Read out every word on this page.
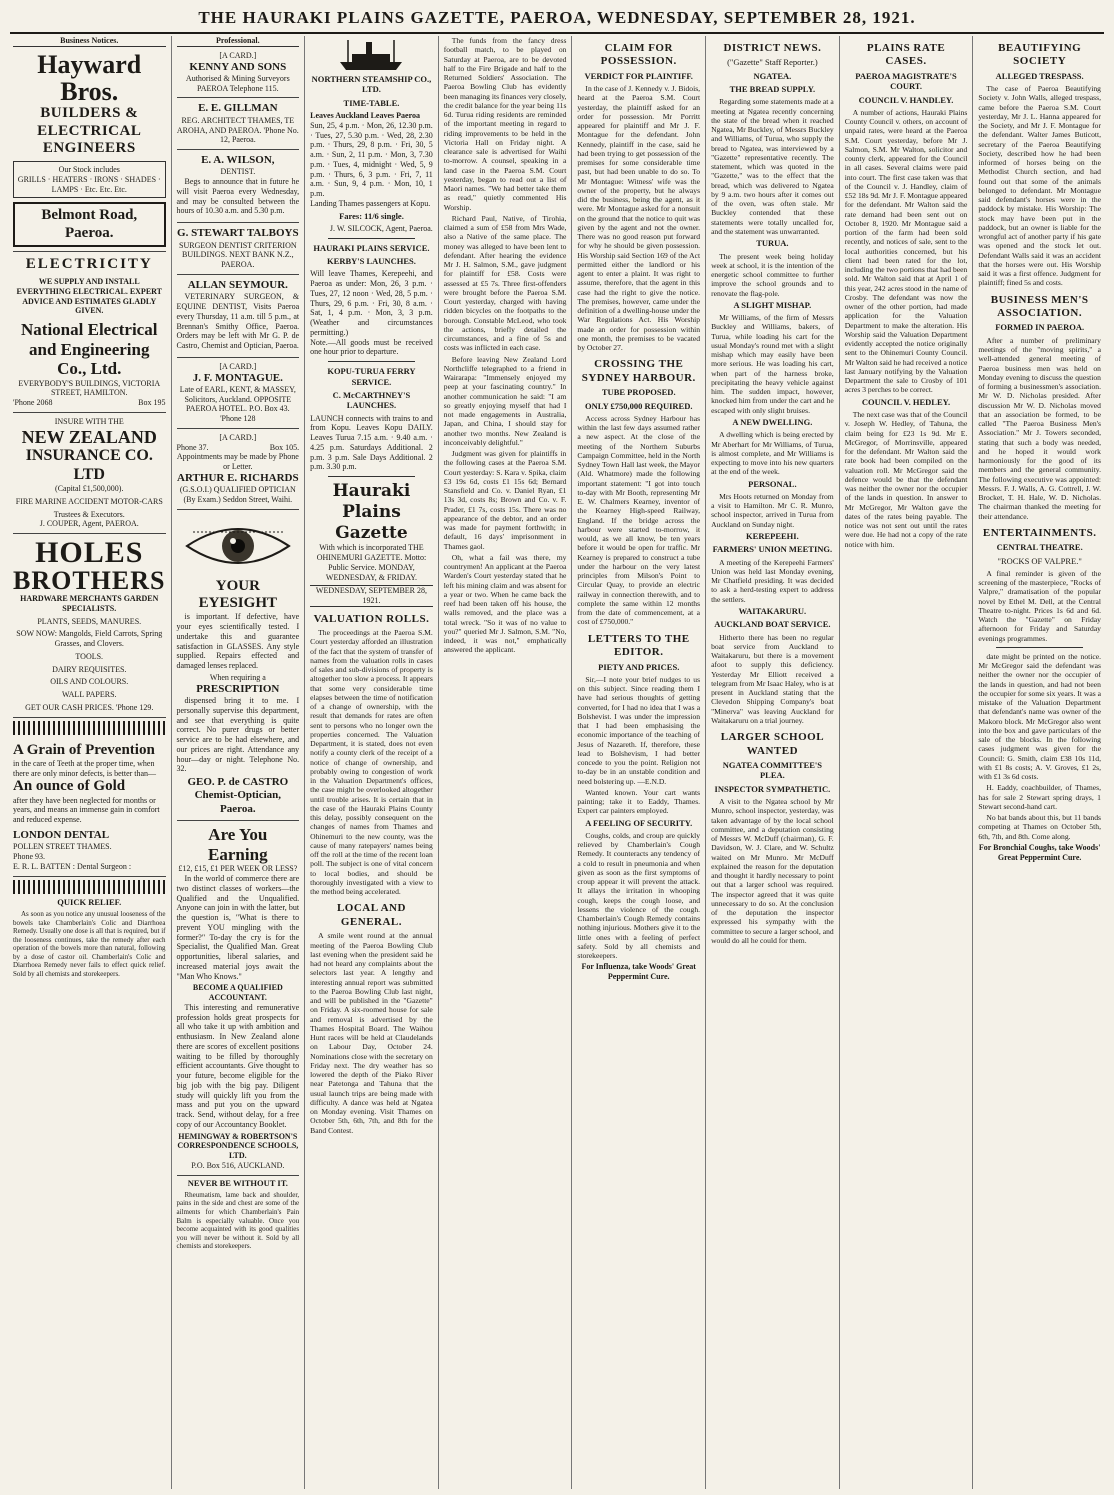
THE HAURAKI PLAINS GAZETTE, PAEROA, WEDNESDAY, SEPTEMBER 28, 1921.
Business Notices.
Hayward Bros.
BUILDERS &
ELECTRICAL
ENGINEERS
Our Stock includes
GRILLS · HEATERS · IRONS · SHADES · LAMPS · Etc. Etc. Etc.
Belmont Road, Paeroa.
ELECTRICITY
WE SUPPLY AND INSTALL EVERYTHING ELECTRICAL. EXPERT ADVICE AND ESTIMATES GLADLY GIVEN.
National Electrical and Engineering Co., Ltd.
EVERYBODY'S BUILDINGS, VICTORIA STREET, HAMILTON.
'Phone 2068	Box 195
INSURE WITH THE
NEW ZEALAND
INSURANCE CO. LTD
(Capital £1,500,000).
FIRE MARINE ACCIDENT MOTOR-CARS
Trustees & Executors.
J. COUPER, Agent, PAEROA.
HOLES
BROTHERS
HARDWARE MERCHANTS GARDEN SPECIALISTS.
PLANTS, SEEDS, MANURES.
SOW NOW: Mangolds, Field Carrots, Spring Grasses, and Clovers.
TOOLS.
DAIRY REQUISITES.
OILS AND COLOURS.
WALL PAPERS.
GET OUR CASH PRICES. 'Phone 129.
A Grain of Prevention
in the care of Teeth at the proper time, when there are only minor defects, is better than—
An ounce of Gold
after they have been neglected for months or years, and means an immense gain in comfort and reduced expense.
LONDON DENTAL
POLLEN STREET THAMES.
Phone 93.
E. R. L. BATTEN : Dental Surgeon :
QUICK RELIEF.

As soon as you notice any unusual looseness of the bowels take Chamberlain's Colic and Diarrhoea Remedy. Usually one dose is all that is required, but if the looseness continues, take the remedy after each operation of the bowels more than natural, following by a dose of castor oil. Chamberlain's Colic and Diarrhoea Remedy never fails to effect quick relief. Sold by all chemists and storekeepers.

Professional.
[A CARD.]
KENNY AND SONS
Authorised & Mining Surveyors PAEROA Telephone 115.
E. E. GILLMAN
REG. ARCHITECT THAMES, TE AROHA, AND PAEROA. 'Phone No. 12, Paeroa.
E. A. WILSON,
DENTIST.

Begs to announce that in future he will visit Paeroa every Wednesday, and may be consulted between the hours of 10.30 a.m. and 5.30 p.m.

G. STEWART TALBOYS
SURGEON DENTIST CRITERION BUILDINGS. NEXT BANK N.Z., PAEROA.
ALLAN SEYMOUR.

VETERINARY SURGEON, & EQUINE DENTIST, Visits Paeroa every Thursday, 11 a.m. till 5 p.m., at Brennan's Smithy Office, Paeroa. Orders may be left with Mr G. P. de Castro, Chemist and Optician, Paeroa.

[A CARD.]
J. F. MONTAGUE.
Late of EARL, KENT, & MASSEY, Solicitors, Auckland. OPPOSITE PAEROA HOTEL. P.O. Box 43. 'Phone 128
[A CARD.]
Phone 37.	Box 105.
Appointments may be made by Phone or Letter.
ARTHUR E. RICHARDS
(G.S.O.I.) QUALIFIED OPTICIAN (By Exam.) Seddon Street, Waihi.
YOUR EYESIGHT

is important. If defective, have your eyes scientifically tested. I undertake this and guarantee satisfaction in GLASSES. Any style supplied. Repairs effected and damaged lenses replaced.

When requiring a
PRESCRIPTION

dispensed bring it to me. I personally supervise this department, and see that everything is quite correct. No purer drugs or better service are to be had elsewhere, and our prices are right. Attendance any hour—day or night. Telephone No. 32.

GEO. P. de CASTRO
Chemist-Optician, Paeroa.
Are You Earning
£12, £15, £1 PER WEEK OR LESS?

In the world of commerce there are two distinct classes of workers—the Qualified and the Unqualified. Anyone can join in with the latter, but the question is, "What is there to prevent YOU mingling with the former?" To-day the cry is for the Specialist, the Qualified Man. Great opportunities, liberal salaries, and increased material joys await the "Man Who Knows."

BECOME A QUALIFIED ACCOUNTANT.

This interesting and remunerative profession holds great prospects for all who take it up with ambition and enthusiasm. In New Zealand alone there are scores of excellent positions waiting to be filled by thoroughly efficient accountants. Give thought to your future, become eligible for the big job with the big pay. Diligent study will quickly lift you from the mass and put you on the upward track. Send, without delay, for a free copy of our Accountancy Booklet.

HEMINGWAY & ROBERTSON'S CORRESPONDENCE SCHOOLS, LTD.
P.O. Box 516, AUCKLAND.
NEVER BE WITHOUT IT.

Rheumatism, lame back and shoulder, pains in the side and chest are some of the ailments for which Chamberlain's Pain Balm is especially valuable. Once you become acquainted with its good qualities you will never be without it. Sold by all chemists and storekeepers.

NORTHERN STEAMSHIP CO., LTD.
TIME-TABLE.
Leaves Auckland Leaves Paeroa
Sun, 25, 4 p.m. · Mon, 26, 12.30 p.m. · Tues, 27, 5.30 p.m. · Wed, 28, 2.30 p.m. · Thurs, 29, 8 p.m. · Fri, 30, 5 a.m. · Sun, 2, 11 p.m. · Mon, 3, 7.30 p.m. · Tues, 4, midnight · Wed, 5, 9 p.m. · Thurs, 6, 3 p.m. · Fri, 7, 11 a.m. · Sun, 9, 4 p.m. · Mon, 10, 1 p.m.
Landing Thames passengers at Kopu.
Fares: 11/6 single.
J. W. SILCOCK, Agent, Paeroa.
HAURAKI PLAINS SERVICE.
KERBY'S LAUNCHES.
Will leave Thames, Kerepeehi, and Paeroa as under: Mon, 26, 3 p.m. · Tues, 27, 12 noon · Wed, 28, 5 p.m. · Thurs, 29, 6 p.m. · Fri, 30, 8 a.m. · Sat, 1, 4 p.m. · Mon, 3, 3 p.m. (Weather and circumstances permitting.)
Note.—All goods must be received one hour prior to departure.
KOPU-TURUA FERRY SERVICE.
C. McCARTHNEY'S LAUNCHES.
LAUNCH connects with trains to and from Kopu. Leaves Kopu DAILY. Leaves Turua 7.15 a.m. · 9.40 a.m. · 4.25 p.m. Saturdays Additional. 2 p.m. 3 p.m. Sale Days Additional. 2 p.m. 3.30 p.m.
Hauraki Plains Gazette
With which is incorporated THE OHINEMURI GAZETTE. Motto: Public Service. MONDAY, WEDNESDAY, & FRIDAY.
WEDNESDAY, SEPTEMBER 28, 1921.
VALUATION ROLLS.

The proceedings at the Paeroa S.M. Court yesterday afforded an illustration of the fact that the system of transfer of names from the valuation rolls in cases of sales and sub-divisions of property is altogether too slow a process. It appears that some very considerable time elapses between the time of notification of a change of ownership, with the result that demands for rates are often sent to persons who no longer own the properties concerned. The Valuation Department, it is stated, does not even notify a county clerk of the receipt of a notice of change of ownership, and probably owing to congestion of work in the Valuation Department's offices, the case might be overlooked altogether until trouble arises. It is certain that in the case of the Hauraki Plains County this delay, possibly consequent on the changes of names from Thames and Ohinemuri to the new county, was the cause of many ratepayers' names being off the roll at the time of the recent loan poll. The subject is one of vital concern to local bodies, and should be thoroughly investigated with a view to the method being accelerated.

LOCAL AND GENERAL.

A smile went round at the annual meeting of the Paeroa Bowling Club last evening when the president said he had not heard any complaints about the selectors last year. A lengthy and interesting annual report was submitted to the Paeroa Bowling Club last night, and will be published in the "Gazette" on Friday. A six-roomed house for sale and removal is advertised by the Thames Hospital Board. The Waihou Hunt races will be held at Claudelands on Labour Day, October 24. Nominations close with the secretary on Friday next. The dry weather has so lowered the depth of the Piako River near Patetonga and Tahuna that the usual launch trips are being made with difficulty. A dance was held at Ngatea on Monday evening. Visit Thames on October 5th, 6th, 7th, and 8th for the Band Contest.

The funds from the fancy dress football match, to be played on Saturday at Paeroa, are to be devoted half to the Fire Brigade and half to the Returned Soldiers' Association. The Paeroa Bowling Club has evidently been managing its finances very closely, the credit balance for the year being 11s 6d. Turua riding residents are reminded of the important meeting in regard to riding improvements to be held in the Victoria Hall on Friday night. A clearance sale is advertised for Waihi to-morrow. A counsel, speaking in a land case in the Paeroa S.M. Court yesterday, began to read out a list of Maori names. "We had better take them as read," quietly commented His Worship.

Richard Paul, Native, of Tirohia, claimed a sum of £58 from Mrs Wade, also a Native of the same place. The money was alleged to have been lent to defendant. After hearing the evidence Mr J. H. Salmon, S.M., gave judgment for plaintiff for £58. Costs were assessed at £5 7s. Three first-offenders were brought before the Paeroa S.M. Court yesterday, charged with having ridden bicycles on the footpaths to the borough. Constable McLeod, who took the actions, briefly detailed the circumstances, and a fine of 5s and costs was inflicted in each case.

Before leaving New Zealand Lord Northcliffe telegraphed to a friend in Wairarapa: "Immensely enjoyed my peep at your fascinating country." In another communication he said: "I am so greatly enjoying myself that had I not made engagements in Australia, Japan, and China, I should stay for another two months. New Zealand is inconceivably delightful."

Judgment was given for plaintiffs in the following cases at the Paeroa S.M. Court yesterday: S. Kara v. Spika, claim £3 19s 6d, costs £1 15s 6d; Bernard Stansfield and Co. v. Daniel Ryan, £1 13s 3d, costs 8s; Brown and Co. v. F. Prader, £1 7s, costs 15s. There was no appearance of the debtor, and an order was made for payment forthwith; in default, 16 days' imprisonment in Thames gaol.

Oh, what a fail was there, my countrymen! An applicant at the Paeroa Warden's Court yesterday stated that he left his mining claim and was absent for a year or two. When he came back the reef had been taken off his house, the walls removed, and the place was a total wreck. "So it was of no value to you?" queried Mr J. Salmon, S.M. "No, indeed, it was not," emphatically answered the applicant.

CLAIM FOR POSSESSION.
VERDICT FOR PLAINTIFF.

In the case of J. Kennedy v. J. Bidois, heard at the Paeroa S.M. Court yesterday, the plaintiff asked for an order for possession. Mr Porritt appeared for plaintiff and Mr J. F. Montague for the defendant. John Kennedy, plaintiff in the case, said he had been trying to get possession of the premises for some considerable time past, but had been unable to do so. To Mr Montague: Witness' wife was the owner of the property, but he always did the business, being the agent, as it were. Mr Montague asked for a nonsuit on the ground that the notice to quit was given by the agent and not the owner. There was no good reason put forward for why he should be given possession. His Worship said Section 169 of the Act permitted either the landlord or his agent to enter a plaint. It was right to assume, therefore, that the agent in this case had the right to give the notice. The premises, however, came under the definition of a dwelling-house under the War Regulations Act. His Worship made an order for possession within one month, the premises to be vacated by October 27.

CROSSING THE SYDNEY HARBOUR.
TUBE PROPOSED.
ONLY £750,000 REQUIRED.

Access across Sydney Harbour has within the last few days assumed rather a new aspect. At the close of the meeting of the Northern Suburbs Campaign Committee, held in the North Sydney Town Hall last week, the Mayor (Ald. Whatmore) made the following important statement: "I got into touch to-day with Mr Booth, representing Mr E. W. Chalmers Kearney, inventor of the Kearney High-speed Railway, England. If the bridge across the harbour were started to-morrow, it would, as we all know, be ten years before it would be open for traffic. Mr Kearney is prepared to construct a tube under the harbour on the very latest principles from Milson's Point to Circular Quay, to provide an electric railway in connection therewith, and to complete the same within 12 months from the date of commencement, at a cost of £750,000."

LETTERS TO THE EDITOR.
PIETY AND PRICES.

Sir,—I note your brief nudges to us on this subject. Since reading them I have had serious thoughts of getting converted, for I had no idea that I was a Bolshevist. I was under the impression that I had been emphasising the economic importance of the teaching of Jesus of Nazareth. If, therefore, these lead to Bolshevism, I had better concede to you the point. Religion not to-day be in an unstable condition and need bolstering up. —E.N.D.

Wanted known. Your cart wants painting; take it to Eaddy, Thames. Expert car painters employed.

A FEELING OF SECURITY.

Coughs, colds, and croup are quickly relieved by Chamberlain's Cough Remedy. It counteracts any tendency of a cold to result in pneumonia and when given as soon as the first symptoms of croup appear it will prevent the attack. It allays the irritation in whooping cough, keeps the cough loose, and lessens the violence of the cough. Chamberlain's Cough Remedy contains nothing injurious. Mothers give it to the little ones with a feeling of perfect safety. Sold by all chemists and storekeepers.

For Influenza, take Woods' Great Peppermint Cure.
DISTRICT NEWS.
("Gazette" Staff Reporter.)
NGATEA.
THE BREAD SUPPLY.

Regarding some statements made at a meeting at Ngatea recently concerning the state of the bread when it reached Ngatea, Mr Buckley, of Messrs Buckley and Williams, of Turua, who supply the bread to Ngatea, was interviewed by a "Gazette" representative recently. The statement, which was quoted in the "Gazette," was to the effect that the bread, which was delivered to Ngatea by 9 a.m. two hours after it comes out of the oven, was often stale. Mr Buckley contended that these statements were totally uncalled for, and the statement was unwarranted.

TURUA.

The present week being holiday week at school, it is the intention of the energetic school committee to further improve the school grounds and to renovate the flag-pole.

A SLIGHT MISHAP.

Mr Williams, of the firm of Messrs Buckley and Williams, bakers, of Turua, while loading his cart for the usual Monday's round met with a slight mishap which may easily have been more serious. He was loading his cart, when part of the harness broke, precipitating the heavy vehicle against him. The sudden impact, however, knocked him from under the cart and he escaped with only slight bruises.

A NEW DWELLING.

A dwelling which is being erected by Mr Aberhart for Mr Williams, of Turua, is almost complete, and Mr Williams is expecting to move into his new quarters at the end of the week.

PERSONAL.

Mrs Hoots returned on Monday from a visit to Hamilton. Mr C. R. Munro, school inspector, arrived in Turua from Auckland on Sunday night.

KEREPEEHI.
FARMERS' UNION MEETING.

A meeting of the Kerepeehi Farmers' Union was held last Monday evening, Mr Chatfield presiding. It was decided to ask a herd-testing expert to address the settlers.

WAITAKARURU.
AUCKLAND BOAT SERVICE.

Hitherto there has been no regular boat service from Auckland to Waitakaruru, but there is a movement afoot to supply this deficiency. Yesterday Mr Elliott received a telegram from Mr Isaac Haley, who is at present in Auckland stating that the Clevedon Shipping Company's boat "Minerva" was leaving Auckland for Waitakaruru on a trial journey.

LARGER SCHOOL WANTED
NGATEA COMMITTEE'S PLEA.
INSPECTOR SYMPATHETIC.

A visit to the Ngatea school by Mr Munro, school inspector, yesterday, was taken advantage of by the local school committee, and a deputation consisting of Messrs W. McDuff (chairman), G. F. Davidson, W. J. Clare, and W. Schultz waited on Mr Munro. Mr McDuff explained the reason for the deputation and thought it hardly necessary to point out that a larger school was required. The inspector agreed that it was quite unnecessary to do so. At the conclusion of the deputation the inspector expressed his sympathy with the committee to secure a larger school, and would do all he could for them.

PLAINS RATE CASES.
PAEROA MAGISTRATE'S COURT.
COUNCIL V. HANDLEY.

A number of actions, Hauraki Plains County Council v. others, on account of unpaid rates, were heard at the Paeroa S.M. Court yesterday, before Mr J. Salmon, S.M. Mr Walton, solicitor and county clerk, appeared for the Council in all cases. Several claims were paid into court. The first case taken was that of the Council v. J. Handley, claim of £52 18s 9d. Mr J. F. Montague appeared for the defendant. Mr Walton said the rate demand had been sent out on October 8, 1920. Mr Montague said a portion of the farm had been sold recently, and notices of sale, sent to the local authorities concerned, but his client had been rated for the lot, including the two portions that had been sold. Mr Walton said that at April 1 of this year, 242 acres stood in the name of Crosby. The defendant was now the owner of the other portion, had made application for the Valuation Department to make the alteration. His Worship said the Valuation Department evidently accepted the notice originally sent to the Ohinemuri County Council. Mr Walton said he had received a notice last January notifying by the Valuation Department the sale to Crosby of 101 acres 3 perches to be correct.

COUNCIL V. HEDLEY.

The next case was that of the Council v. Joseph W. Hedley, of Tahuna, the claim being for £23 1s 9d. Mr E. McGregor, of Morrinsville, appeared for the defendant. Mr Walton said the rate book had been compiled on the valuation roll. Mr McGregor said the defence would be that the defendant was neither the owner nor the occupier of the lands in question. In answer to Mr McGregor, Mr Walton gave the dates of the rates being payable. The notice was not sent out until the rates were due. He had not a copy of the rate notice with him.

BEAUTIFYING SOCIETY
ALLEGED TRESPASS.

The case of Paeroa Beautifying Society v. John Walls, alleged trespass, came before the Paeroa S.M. Court yesterday, Mr J. L. Hanna appeared for the Society, and Mr J. F. Montague for the defendant. Walter James Buticott, secretary of the Paeroa Beautifying Society, described how he had been informed of horses being on the Methodist Church section, and had found out that some of the animals belonged to defendant. Mr Montague said defendant's horses were in the paddock by mistake. His Worship: The stock may have been put in the paddock, but an owner is liable for the wrongful act of another party if his gate was opened and the stock let out. Defendant Walls said it was an accident that the horses were out. His Worship said it was a first offence. Judgment for plaintiff; fined 5s and costs.

BUSINESS MEN'S ASSOCIATION.
FORMED IN PAEROA.

After a number of preliminary meetings of the "moving spirits," a well-attended general meeting of Paeroa business men was held on Monday evening to discuss the question of forming a businessmen's association. Mr W. D. Nicholas presided. After discussion Mr W. D. Nicholas moved that an association be formed, to be called "The Paeroa Business Men's Association." Mr J. Towers seconded, stating that such a body was needed, and he hoped it would work harmoniously for the good of its members and the general community. The following executive was appointed: Messrs. F. J. Walls, A. G. Cottrell, J. W. Brocket, T. H. Hale, W. D. Nicholas. The chairman thanked the meeting for their attendance.

ENTERTAINMENTS.
CENTRAL THEATRE.
"ROCKS OF VALPRE."

A final reminder is given of the screening of the masterpiece, "Rocks of Valpre," dramatisation of the popular novel by Ethel M. Dell, at the Central Theatre to-night. Prices 1s 6d and 6d. Watch the "Gazette" on Friday afternoon for Friday and Saturday evenings programmes.

date might be printed on the notice. Mr McGregor said the defendant was neither the owner nor the occupier of the lands in question, and had not been the occupier for some six years. It was a mistake of the Valuation Department that defendant's name was owner of the Makoro block. Mr McGregor also went into the box and gave particulars of the sale of the blocks. In the following cases judgment was given for the Council: G. Smith, claim £38 10s 11d, with £1 8s costs; A. V. Groves, £1 2s, with £1 3s 6d costs.

H. Eaddy, coachbuilder, of Thames, has for sale 2 Stewart spring drays, 1 Stewart second-hand cart.

No bat bands about this, but 11 bands competing at Thames on October 5th, 6th, 7th, and 8th. Come along.

For Bronchial Coughs, take Woods' Great Peppermint Cure.
